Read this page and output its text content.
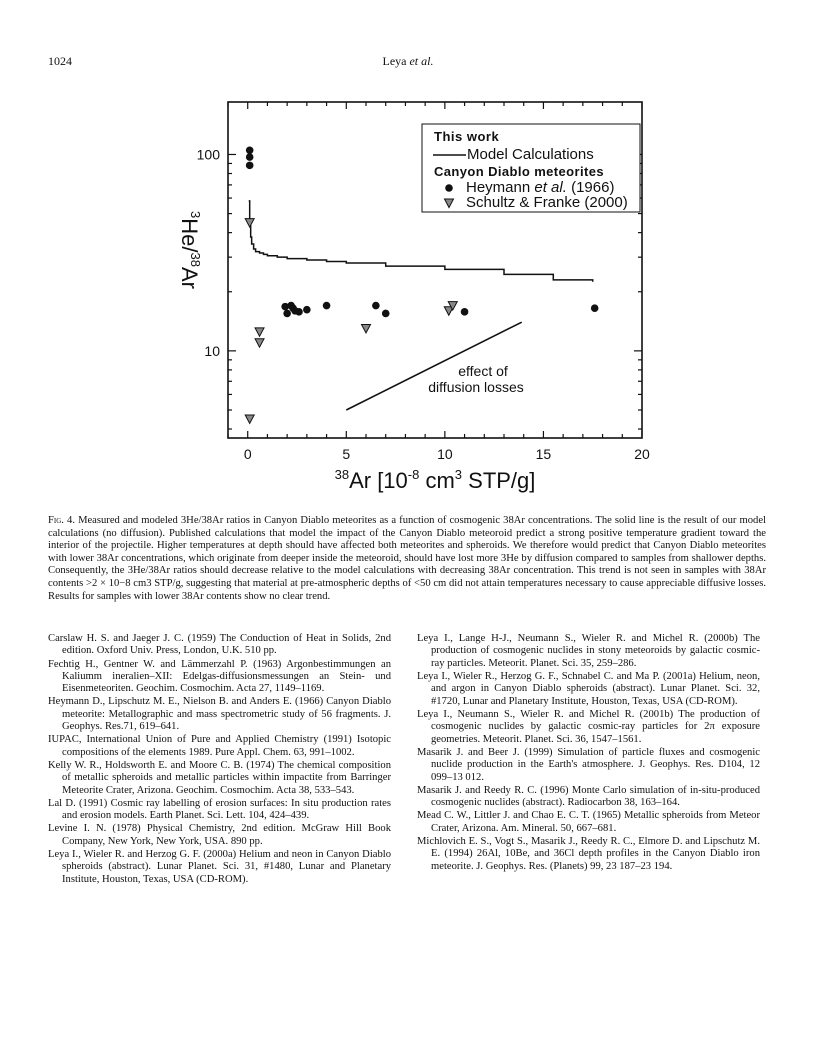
1024	Leya et al.
0	5	10	15	20
10
100
$^{38}$Ar [$10^{-8}$ $cm^3$ STP/g]
$^3$He/$^{38}$Ar
effect of
diffusion losses
This work
Model Calculations
Canyon Diablo meteorites
Heymann et al. (1966)
Schultz & Franke (2000)
Fig. 4. Measured and modeled 3He/38Ar ratios in Canyon Diablo meteorites as a function of cosmogenic 38Ar concentrations. The solid line is the result of our model calculations (no diffusion). Published calculations that model the impact of the Canyon Diablo meteoroid predict a strong positive temperature gradient toward the interior of the projectile. Higher temperatures at depth should have affected both meteorites and spheroids. We therefore would predict that Canyon Diablo meteorites with lower 38Ar concentrations, which originate from deeper inside the meteoroid, should have lost more 3He by diffusion compared to samples from shallower depths. Consequently, the 3He/38Ar ratios should decrease relative to the model calculations with decreasing 38Ar concentration. This trend is not seen in samples with 38Ar contents >2 × 10−8 cm3 STP/g, suggesting that material at pre-atmospheric depths of <50 cm did not attain temperatures necessary to cause appreciable diffusive losses. Results for samples with lower 38Ar contents show no clear trend.

Carslaw H. S. and Jaeger J. C. (1959) The Conduction of Heat in Solids, 2nd edition. Oxford Univ. Press, London, U.K. 510 pp.

Fechtig H., Gentner W. and Lämmerzahl P. (1963) Argonbestimmungen an Kaliumm ineralien–XII: Edelgas-diffusionsmessungen an Stein- und Eisenmeteoriten. Geochim. Cosmochim. Acta 27, 1149–1169.

Heymann D., Lipschutz M. E., Nielson B. and Anders E. (1966) Canyon Diablo meteorite: Metallographic and mass spectrometric study of 56 fragments. J. Geophys. Res.71, 619–641.

IUPAC, International Union of Pure and Applied Chemistry (1991) Isotopic compositions of the elements 1989. Pure Appl. Chem. 63, 991–1002.

Kelly W. R., Holdsworth E. and Moore C. B. (1974) The chemical composition of metallic spheroids and metallic particles within impactite from Barringer Meteorite Crater, Arizona. Geochim. Cosmochim. Acta 38, 533–543.

Lal D. (1991) Cosmic ray labelling of erosion surfaces: In situ production rates and erosion models. Earth Planet. Sci. Lett. 104, 424–439.

Levine I. N. (1978) Physical Chemistry, 2nd edition. McGraw Hill Book Company, New York, New York, USA. 890 pp.

Leya I., Wieler R. and Herzog G. F. (2000a) Helium and neon in Canyon Diablo spheroids (abstract). Lunar Planet. Sci. 31, #1480, Lunar and Planetary Institute, Houston, Texas, USA (CD-ROM).

Leya I., Lange H-J., Neumann S., Wieler R. and Michel R. (2000b) The production of cosmogenic nuclides in stony meteoroids by galactic cosmic-ray particles. Meteorit. Planet. Sci. 35, 259–286.

Leya I., Wieler R., Herzog G. F., Schnabel C. and Ma P. (2001a) Helium, neon, and argon in Canyon Diablo spheroids (abstract). Lunar Planet. Sci. 32, #1720, Lunar and Planetary Institute, Houston, Texas, USA (CD-ROM).

Leya I., Neumann S., Wieler R. and Michel R. (2001b) The production of cosmogenic nuclides by galactic cosmic-ray particles for 2π exposure geometries. Meteorit. Planet. Sci. 36, 1547–1561.

Masarik J. and Beer J. (1999) Simulation of particle fluxes and cosmogenic nuclide production in the Earth's atmosphere. J. Geophys. Res. D104, 12 099–13 012.

Masarik J. and Reedy R. C. (1996) Monte Carlo simulation of in-situ-produced cosmogenic nuclides (abstract). Radiocarbon 38, 163–164.

Mead C. W., Littler J. and Chao E. C. T. (1965) Metallic spheroids from Meteor Crater, Arizona. Am. Mineral. 50, 667–681.

Michlovich E. S., Vogt S., Masarik J., Reedy R. C., Elmore D. and Lipschutz M. E. (1994) 26Al, 10Be, and 36Cl depth profiles in the Canyon Diablo iron meteorite. J. Geophys. Res. (Planets) 99, 23 187–23 194.
